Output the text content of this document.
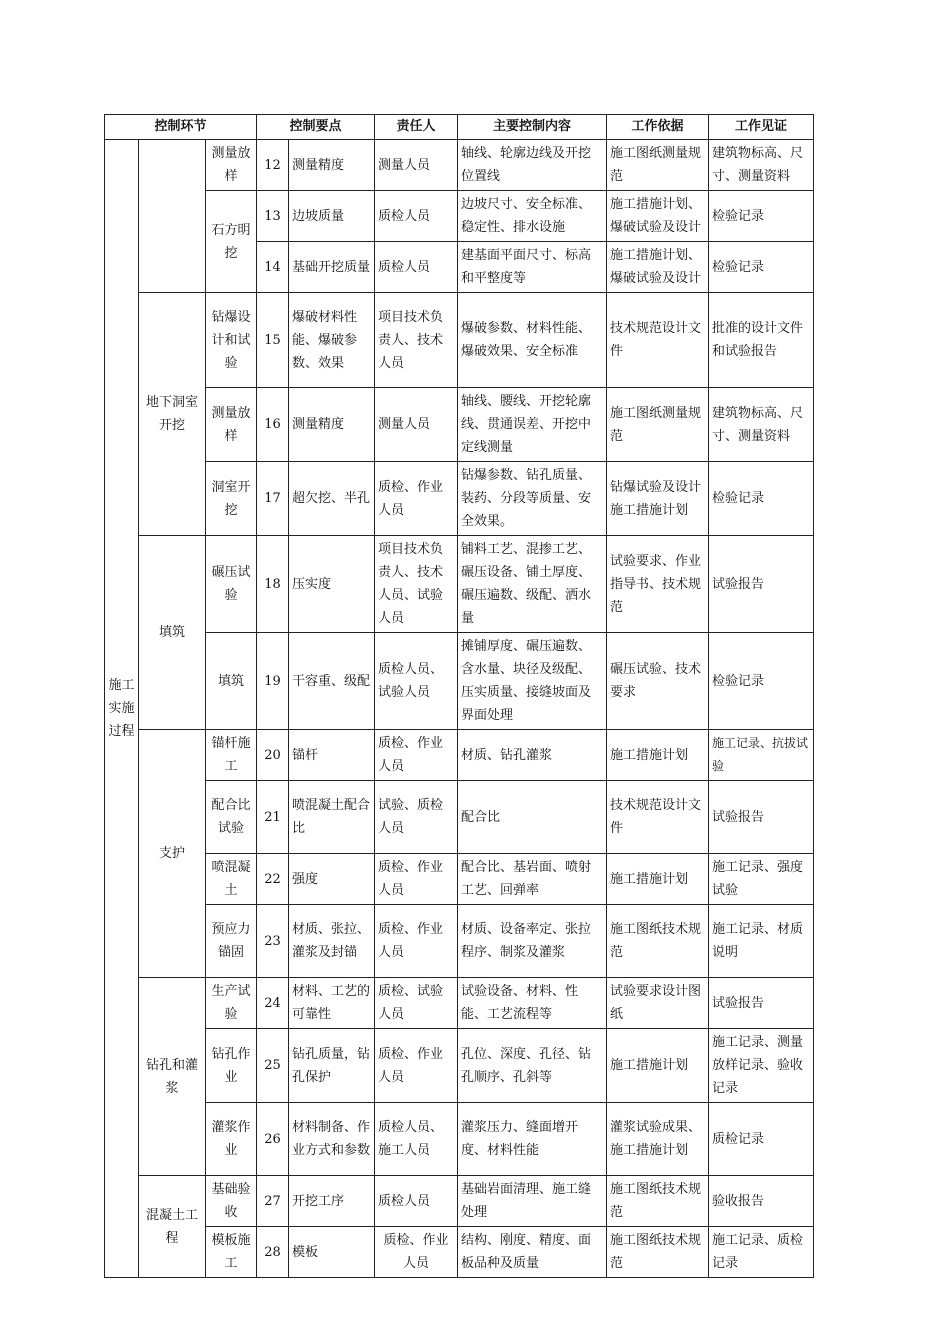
控制环节			控制要点		责任人	主要控制内容	工作依据	工作见证
施工实施过程		测量放样	12	测量精度	测量人员	轴线、轮廓边线及开挖位置线	施工图纸测量规范	建筑物标高、尺寸、测量资料
		石方明挖	13	边坡质量	质检人员	边坡尺寸、安全标准、稳定性、排水设施	施工措施计划、爆破试验及设计	检验记录
			14	基础开挖质量	质检人员	建基面平面尺寸、标高和平整度等	施工措施计划、爆破试验及设计	检验记录
	地下洞室开挖	钻爆设计和试验	15	爆破材料性能、爆破参数、效果	项目技术负责人、技术人员	爆破参数、材料性能、爆破效果、安全标准	技术规范设计文件	批准的设计文件和试验报告
		测量放样	16	测量精度	测量人员	轴线、腰线、开挖轮廓线、贯通误差、开挖中定线测量	施工图纸测量规范	建筑物标高、尺寸、测量资料
		洞室开挖	17	超欠挖、半孔	质检、作业人员	钻爆参数、钻孔质量、装药、分段等质量、安全效果。	钻爆试验及设计施工措施计划	检验记录
	填筑	碾压试验	18	压实度	项目技术负责人、技术人员、试验人员	铺料工艺、混掺工艺、碾压设备、铺土厚度、碾压遍数、级配、洒水量	试验要求、作业指导书、技术规范	试验报告
		填筑	19	干容重、级配	质检人员、试验人员	摊铺厚度、碾压遍数、含水量、块径及级配、压实质量、接缝坡面及界面处理	碾压试验、技术要求	检验记录
	支护	锚杆施工	20	锚杆	质检、作业人员	材质、钻孔灌浆	施工措施计划	施工记录、抗拔试验
		配合比试验	21	喷混凝土配合比	试验、质检人员	配合比	技术规范设计文件	试验报告
		喷混凝土	22	强度	质检、作业人员	配合比、基岩面、喷射工艺、回弹率	施工措施计划	施工记录、强度试验
		预应力锚固	23	材质、张拉、灌浆及封锚	质检、作业人员	材质、设备率定、张拉程序、制浆及灌浆	施工图纸技术规范	施工记录、材质说明
	钻孔和灌浆	生产试验	24	材料、工艺的可靠性	质检、试验人员	试验设备、材料、性能、工艺流程等	试验要求设计图纸	试验报告
		钻孔作业	25	钻孔质量，钻孔保护	质检、作业人员	孔位、深度、孔径、钻孔顺序、孔斜等	施工措施计划	施工记录、测量放样记录、验收记录
		灌浆作业	26	材料制备、作业方式和参数	质检人员、施工人员	灌浆压力、缝面增开度、材料性能	灌浆试验成果、施工措施计划	质检记录
	混凝土工程	基础验收	27	开挖工序	质检人员	基础岩面清理、施工缝处理	施工图纸技术规范	验收报告
		模板施工	28	模板	质检、作业人员	结构、刚度、精度、面板品种及质量	施工图纸技术规范	施工记录、质检记录
